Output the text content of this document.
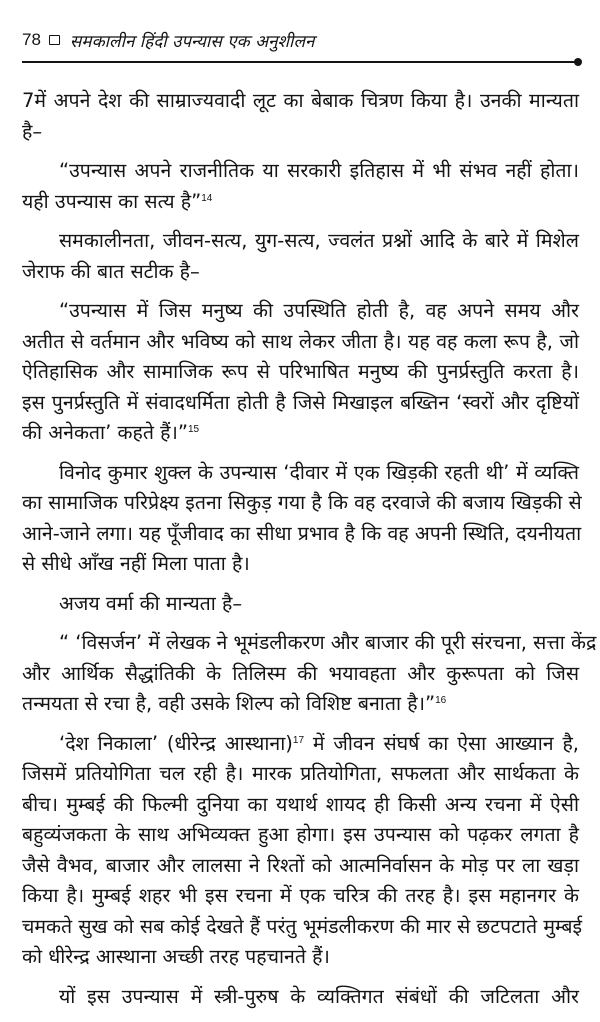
78 समकालीन हिंदी उपन्यास एक अनुशीलन
7में अपने देश की साम्राज्यवादी लूट का बेबाक चित्रण किया है। उनकी मान्यता
है–
“उपन्यास अपने राजनीतिक या सरकारी इतिहास में भी संभव नहीं होता।
यही उपन्यास का सत्य है”$^{14}$
समकालीनता, जीवन-सत्य, युग-सत्य, ज्वलंत प्रश्नों आदि के बारे में मिशेल
जेराफ की बात सटीक है–
“उपन्यास में जिस मनुष्य की उपस्थिति होती है, वह अपने समय और
अतीत से वर्तमान और भविष्य को साथ लेकर जीता है। यह वह कला रूप है, जो
ऐतिहासिक और सामाजिक रूप से परिभाषित मनुष्य की पुनर्प्रस्तुति करता है।
इस पुनर्प्रस्तुति में संवादधर्मिता होती है जिसे मिखाइल बख्तिन ‘स्वरों और दृष्टियों
की अनेकता’ कहते हैं।”$^{15}$
विनोद कुमार शुक्ल के उपन्यास ‘दीवार में एक खिड़की रहती थी’ में व्यक्ति
का सामाजिक परिप्रेक्ष्य इतना सिकुड़ गया है कि वह दरवाजे की बजाय खिड़की से
आने-जाने लगा। यह पूँजीवाद का सीधा प्रभाव है कि वह अपनी स्थिति, दयनीयता
से सीधे आँख नहीं मिला पाता है।
अजय वर्मा की मान्यता है–
“ ‘विसर्जन’ में लेखक ने भूमंडलीकरण और बाजार की पूरी संरचना, सत्ता केंद्र
और आर्थिक सैद्धांतिकी के तिलिस्म की भयावहता और कुरूपता को जिस
तन्मयता से रचा है, वही उसके शिल्प को विशिष्ट बनाता है।”$^{16}$
‘देश निकाला’ (धीरेन्द्र आस्थाना)$^{17}$ में जीवन संघर्ष का ऐसा आख्यान है,
जिसमें प्रतियोगिता चल रही है। मारक प्रतियोगिता, सफलता और सार्थकता के
बीच। मुम्बई की फिल्मी दुनिया का यथार्थ शायद ही किसी अन्य रचना में ऐसी
बहुव्यंजकता के साथ अभिव्यक्त हुआ होगा। इस उपन्यास को पढ़कर लगता है
जैसे वैभव, बाजार और लालसा ने रिश्तों को आत्मनिर्वासन के मोड़ पर ला खड़ा
किया है। मुम्बई शहर भी इस रचना में एक चरित्र की तरह है। इस महानगर के
चमकते सुख को सब कोई देखते हैं परंतु भूमंडलीकरण की मार से छटपटाते मुम्बई
को धीरेन्द्र आस्थाना अच्छी तरह पहचानते हैं।
यों इस उपन्यास में स्त्री-पुरुष के व्यक्तिगत संबंधों की जटिलता और
